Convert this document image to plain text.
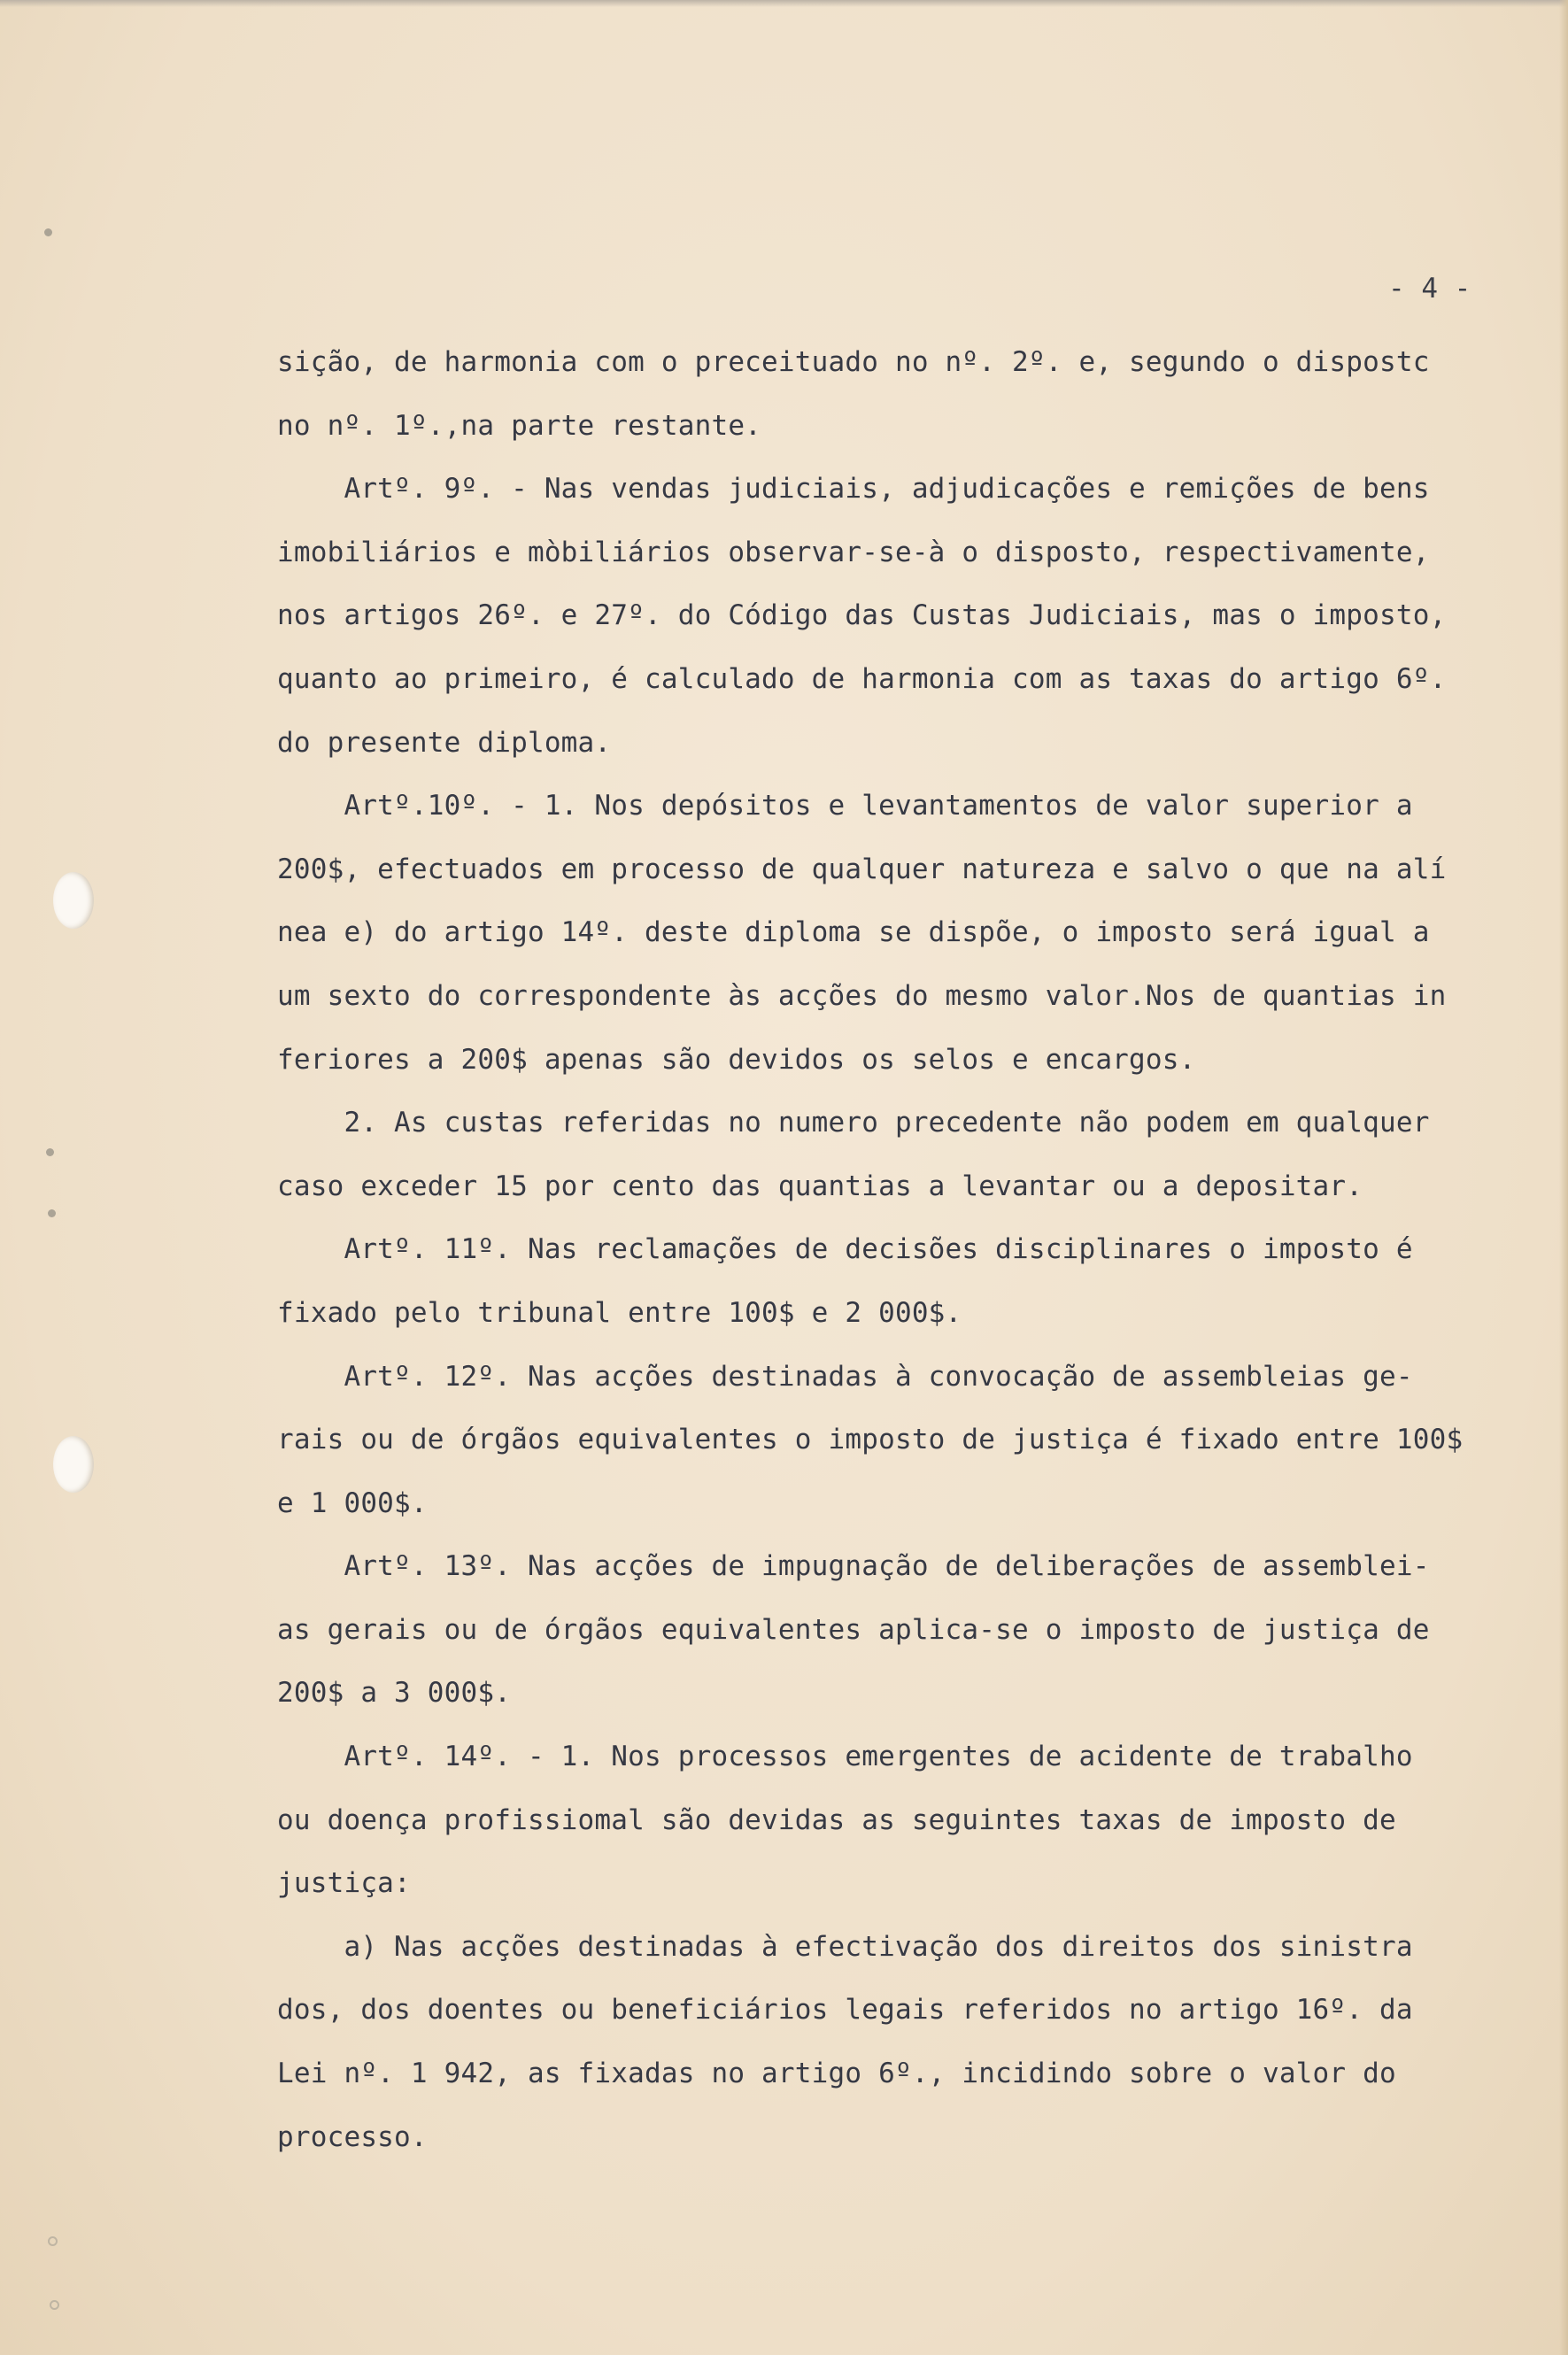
- 4 -
sição, de harmonia com o preceituado no nº. 2º. e, segundo o dispostc
no nº. 1º.,na parte restante.
Artº. 9º. - Nas vendas judiciais, adjudicações e remições de bens
imobiliários e mòbiliários observar-se-à o disposto, respectivamente,
nos artigos 26º. e 27º. do Código das Custas Judiciais, mas o imposto,
quanto ao primeiro, é calculado de harmonia com as taxas do artigo 6º.
do presente diploma.
Artº.10º. - 1. Nos depósitos e levantamentos de valor superior a
200$, efectuados em processo de qualquer natureza e salvo o que na alí
nea e) do artigo 14º. deste diploma se dispõe, o imposto será igual a
um sexto do correspondente às acções do mesmo valor.Nos de quantias in
feriores a 200$ apenas são devidos os selos e encargos.
2. As custas referidas no numero precedente não podem em qualquer
caso exceder 15 por cento das quantias a levantar ou a depositar.
Artº. 11º. Nas reclamações de decisões disciplinares o imposto é
fixado pelo tribunal entre 100$ e 2 000$.
Artº. 12º. Nas acções destinadas à convocação de assembleias ge-
rais ou de órgãos equivalentes o imposto de justiça é fixado entre 100$
e 1 000$.
Artº. 13º. Nas acções de impugnação de deliberações de assemblei-
as gerais ou de órgãos equivalentes aplica-se o imposto de justiça de
200$ a 3 000$.
Artº. 14º. - 1. Nos processos emergentes de acidente de trabalho
ou doença profissiomal são devidas as seguintes taxas de imposto de
justiça:
a) Nas acções destinadas à efectivação dos direitos dos sinistra
dos, dos doentes ou beneficiários legais referidos no artigo 16º. da
Lei nº. 1 942, as fixadas no artigo 6º., incidindo sobre o valor do
processo.
